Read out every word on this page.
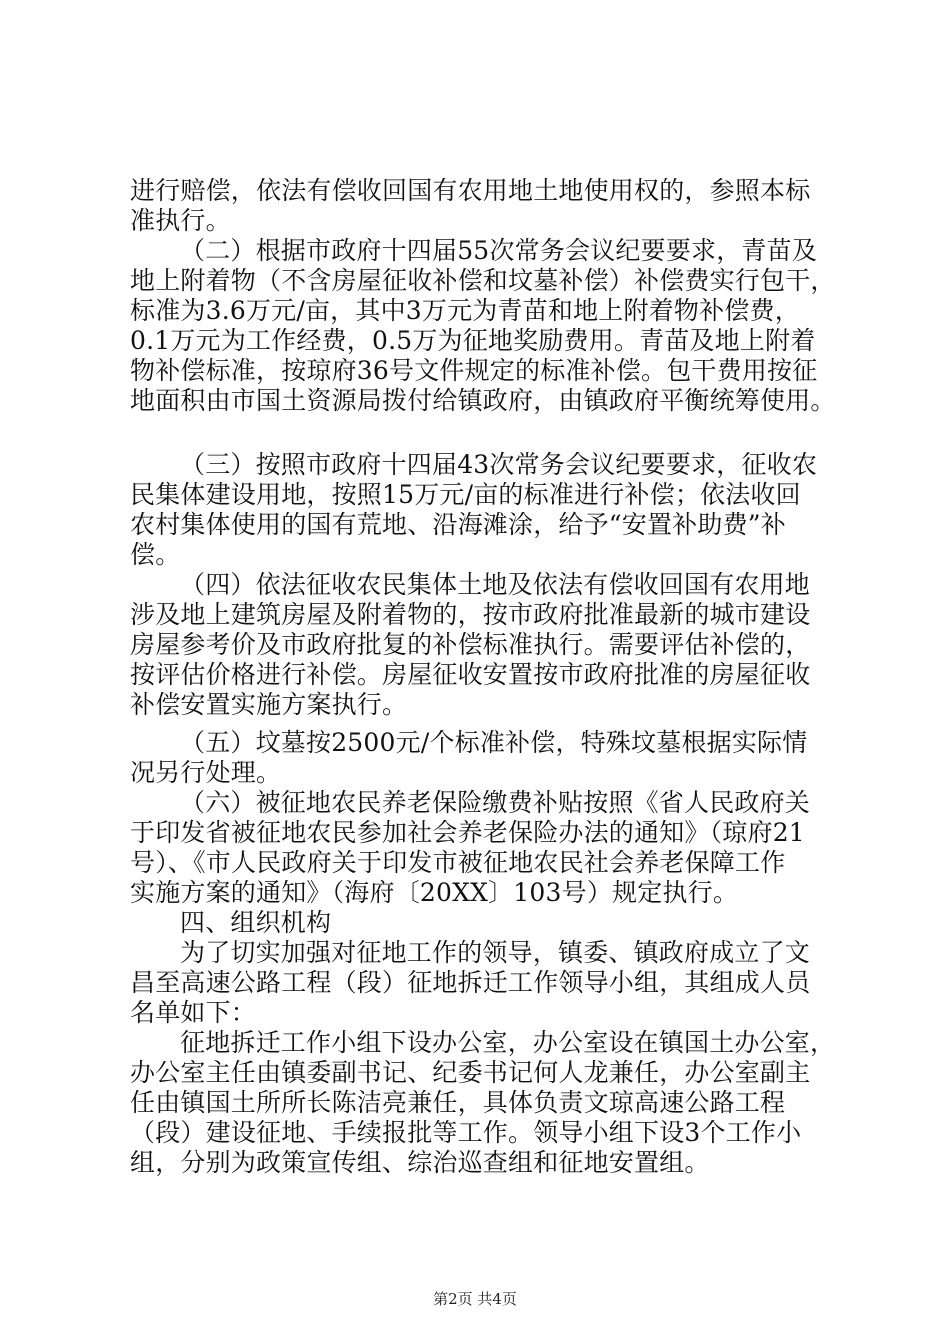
进行赔偿，依法有偿收回国有农用地土地使用权的，参照本标
准执行。
（二）根据市政府十四届55次常务会议纪要要求，青苗及
地上附着物（不含房屋征收补偿和坟墓补偿）补偿费实行包干，
标准为3.6万元/亩，其中3万元为青苗和地上附着物补偿费，
0.1万元为工作经费，0.5万为征地奖励费用。青苗及地上附着
物补偿标准，按琼府36号文件规定的标准补偿。包干费用按征
地面积由市国土资源局拨付给镇政府，由镇政府平衡统筹使用。
（三）按照市政府十四届43次常务会议纪要要求，征收农
民集体建设用地，按照15万元/亩的标准进行补偿；依法收回
农村集体使用的国有荒地、沿海滩涂，给予“安置补助费”补
偿。
（四）依法征收农民集体土地及依法有偿收回国有农用地
涉及地上建筑房屋及附着物的，按市政府批准最新的城市建设
房屋参考价及市政府批复的补偿标准执行。需要评估补偿的，
按评估价格进行补偿。房屋征收安置按市政府批准的房屋征收
补偿安置实施方案执行。
（五）坟墓按2500元/个标准补偿，特殊坟墓根据实际情
况另行处理。
（六）被征地农民养老保险缴费补贴按照《省人民政府关
于印发省被征地农民参加社会养老保险办法的通知》（琼府21
号）、《市人民政府关于印发市被征地农民社会养老保障工作
实施方案的通知》（海府〔20XX〕103号）规定执行。
四、组织机构
为了切实加强对征地工作的领导，镇委、镇政府成立了文
昌至高速公路工程（段）征地拆迁工作领导小组，其组成人员
名单如下：
征地拆迁工作小组下设办公室，办公室设在镇国土办公室，
办公室主任由镇委副书记、纪委书记何人龙兼任，办公室副主
任由镇国土所所长陈洁亮兼任，具体负责文琼高速公路工程
（段）建设征地、手续报批等工作。领导小组下设3个工作小
组，分别为政策宣传组、综治巡查组和征地安置组。
第2页 共4页
